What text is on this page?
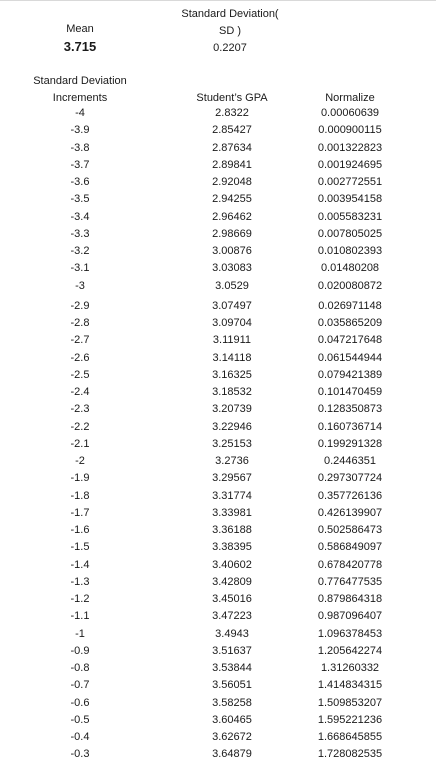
Mean
3.715
Standard Deviation(
SD )
0.2207
Standard Deviation
Increments	Student’s GPA	Normalize
-4	2.8322	0.00060639
-3.9	2.85427	0.000900115
-3.8	2.87634	0.001322823
-3.7	2.89841	0.001924695
-3.6	2.92048	0.002772551
-3.5	2.94255	0.003954158
-3.4	2.96462	0.005583231
-3.3	2.98669	0.007805025
-3.2	3.00876	0.010802393
-3.1	3.03083	0.01480208
-3	3.0529	0.020080872
-2.9	3.07497	0.026971148
-2.8	3.09704	0.035865209
-2.7	3.11911	0.047217648
-2.6	3.14118	0.061544944
-2.5	3.16325	0.079421389
-2.4	3.18532	0.101470459
-2.3	3.20739	0.128350873
-2.2	3.22946	0.160736714
-2.1	3.25153	0.199291328
-2	3.2736	0.2446351
-1.9	3.29567	0.297307724
-1.8	3.31774	0.357726136
-1.7	3.33981	0.426139907
-1.6	3.36188	0.502586473
-1.5	3.38395	0.586849097
-1.4	3.40602	0.678420778
-1.3	3.42809	0.776477535
-1.2	3.45016	0.879864318
-1.1	3.47223	0.987096407
-1	3.4943	1.096378453
-0.9	3.51637	1.205642274
-0.8	3.53844	1.31260332
-0.7	3.56051	1.414834315
-0.6	3.58258	1.509853207
-0.5	3.60465	1.595221236
-0.4	3.62672	1.668645855
-0.3	3.64879	1.728082535
